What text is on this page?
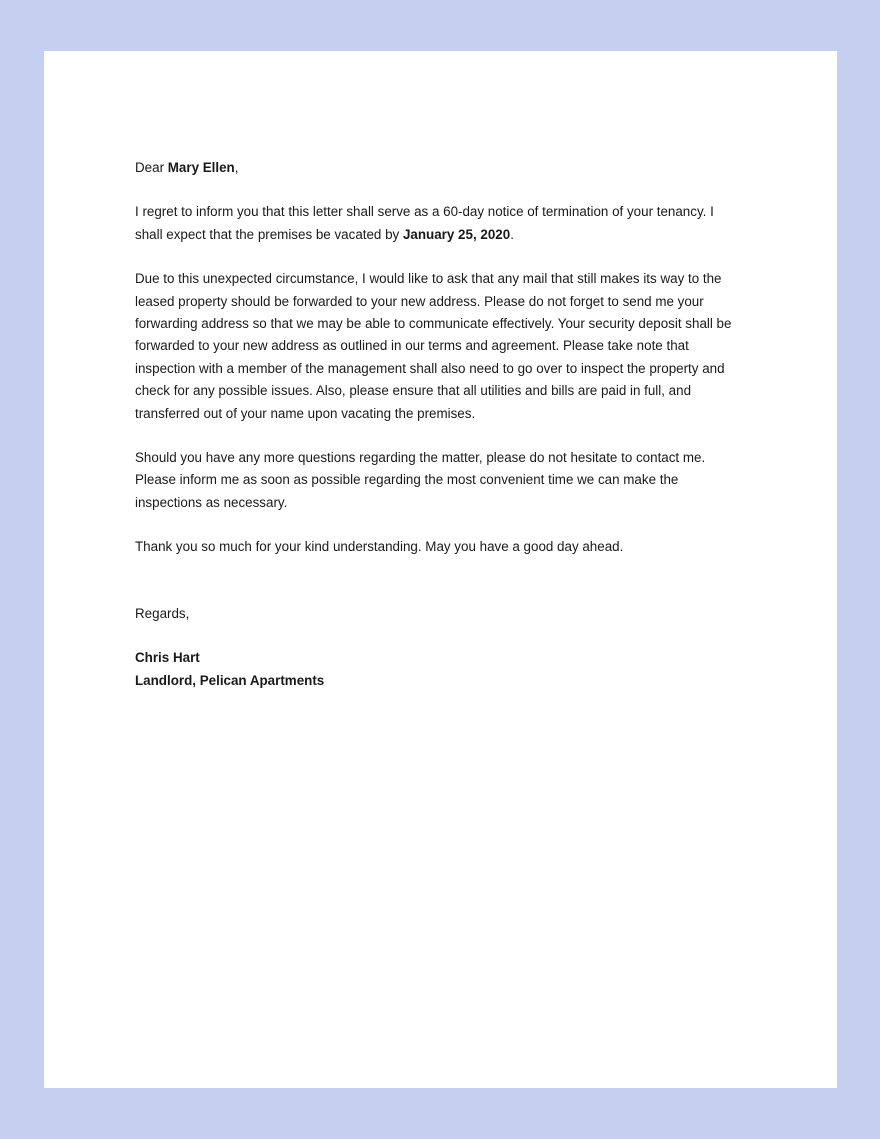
Dear Mary Ellen,

I regret to inform you that this letter shall serve as a 60-day notice of termination of your tenancy. I shall expect that the premises be vacated by January 25, 2020.

Due to this unexpected circumstance, I would like to ask that any mail that still makes its way to the leased property should be forwarded to your new address. Please do not forget to send me your forwarding address so that we may be able to communicate effectively. Your security deposit shall be forwarded to your new address as outlined in our terms and agreement. Please take note that inspection with a member of the management shall also need to go over to inspect the property and check for any possible issues. Also, please ensure that all utilities and bills are paid in full, and transferred out of your name upon vacating the premises.

Should you have any more questions regarding the matter, please do not hesitate to contact me. Please inform me as soon as possible regarding the most convenient time we can make the inspections as necessary.

Thank you so much for your kind understanding. May you have a good day ahead.

Regards,

Chris Hart

Landlord, Pelican Apartments
